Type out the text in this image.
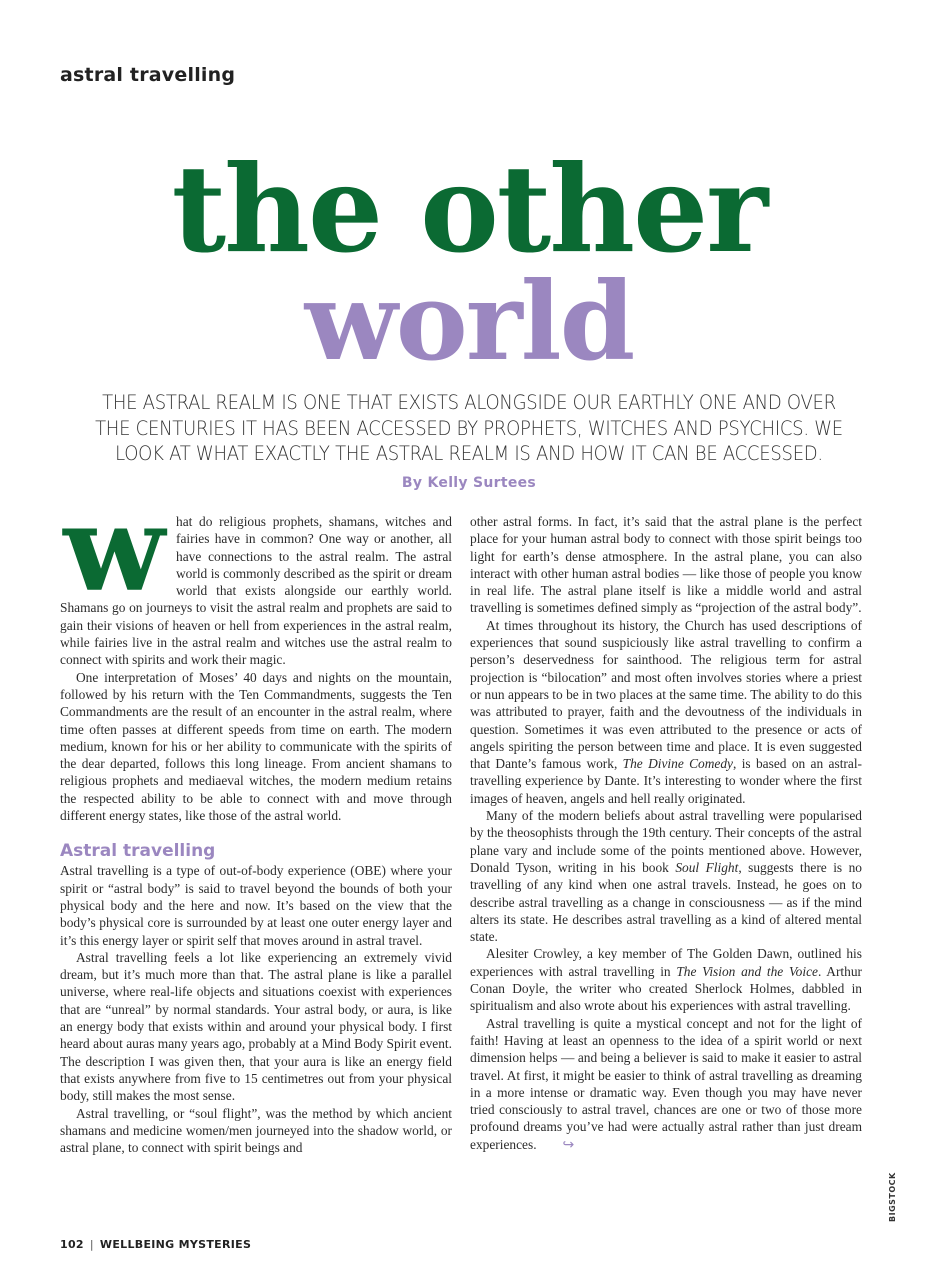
astral travelling
the other
world
THE ASTRAL REALM IS ONE THAT EXISTS ALONGSIDE OUR EARTHLY ONE AND OVER THE CENTURIES IT HAS BEEN ACCESSED BY PROPHETS, WITCHES AND PSYCHICS. WE LOOK AT WHAT EXACTLY THE ASTRAL REALM IS AND HOW IT CAN BE ACCESSED.
By Kelly Surtees

what do religious prophets, shamans, witches and fairies have in common? One way or another, all have connections to the astral realm. The astral world is commonly described as the spirit or dream world that exists alongside our earthly world. Shamans go on journeys to visit the astral realm and prophets are said to gain their visions of heaven or hell from experiences in the astral realm, while fairies live in the astral realm and witches use the astral realm to connect with spirits and work their magic.

One interpretation of Moses’ 40 days and nights on the mountain, followed by his return with the Ten Commandments, suggests the Ten Commandments are the result of an encounter in the astral realm, where time often passes at different speeds from time on earth. The modern medium, known for his or her ability to communicate with the spirits of the dear departed, follows this long lineage. From ancient shamans to religious prophets and mediaeval witches, the modern medium retains the respected ability to be able to connect with and move through different energy states, like those of the astral world.

Astral travelling

Astral travelling is a type of out-of-body experience (OBE) where your spirit or “astral body” is said to travel beyond the bounds of both your physical body and the here and now. It’s based on the view that the body’s physical core is surrounded by at least one outer energy layer and it’s this energy layer or spirit self that moves around in astral travel.

Astral travelling feels a lot like experiencing an extremely vivid dream, but it’s much more than that. The astral plane is like a parallel universe, where real-life objects and situations coexist with experiences that are “unreal” by normal standards. Your astral body, or aura, is like an energy body that exists within and around your physical body. I first heard about auras many years ago, probably at a Mind Body Spirit event. The description I was given then, that your aura is like an energy field that exists anywhere from five to 15 centimetres out from your physical body, still makes the most sense.

Astral travelling, or “soul flight”, was the method by which ancient shamans and medicine women/men journeyed into the shadow world, or astral plane, to connect with spirit beings and

other astral forms. In fact, it’s said that the astral plane is the perfect place for your human astral body to connect with those spirit beings too light for earth’s dense atmosphere. In the astral plane, you can also interact with other human astral bodies — like those of people you know in real life. The astral plane itself is like a middle world and astral travelling is sometimes defined simply as “projection of the astral body”.

At times throughout its history, the Church has used descriptions of experiences that sound suspiciously like astral travelling to confirm a person’s deservedness for sainthood. The religious term for astral projection is “bilocation” and most often involves stories where a priest or nun appears to be in two places at the same time. The ability to do this was attributed to prayer, faith and the devoutness of the individuals in question. Sometimes it was even attributed to the presence or acts of angels spiriting the person between time and place. It is even suggested that Dante’s famous work, The Divine Comedy, is based on an astral-travelling experience by Dante. It’s interesting to wonder where the first images of heaven, angels and hell really originated.

Many of the modern beliefs about astral travelling were popularised by the theosophists through the 19th century. Their concepts of the astral plane vary and include some of the points mentioned above. However, Donald Tyson, writing in his book Soul Flight, suggests there is no travelling of any kind when one astral travels. Instead, he goes on to describe astral travelling as a change in consciousness — as if the mind alters its state. He describes astral travelling as a kind of altered mental state.

Alesiter Crowley, a key member of The Golden Dawn, outlined his experiences with astral travelling in The Vision and the Voice. Arthur Conan Doyle, the writer who created Sherlock Holmes, dabbled in spiritualism and also wrote about his experiences with astral travelling.

Astral travelling is quite a mystical concept and not for the light of faith! Having at least an openness to the idea of a spirit world or next dimension helps — and being a believer is said to make it easier to astral travel. At first, it might be easier to think of astral travelling as dreaming in a more intense or dramatic way. Even though you may have never tried consciously to astral travel, chances are one or two of those more profound dreams you’ve had were actually astral rather than just dream experiences. ↪

102 | WELLBEING MYSTERIES
BIGSTOCK
